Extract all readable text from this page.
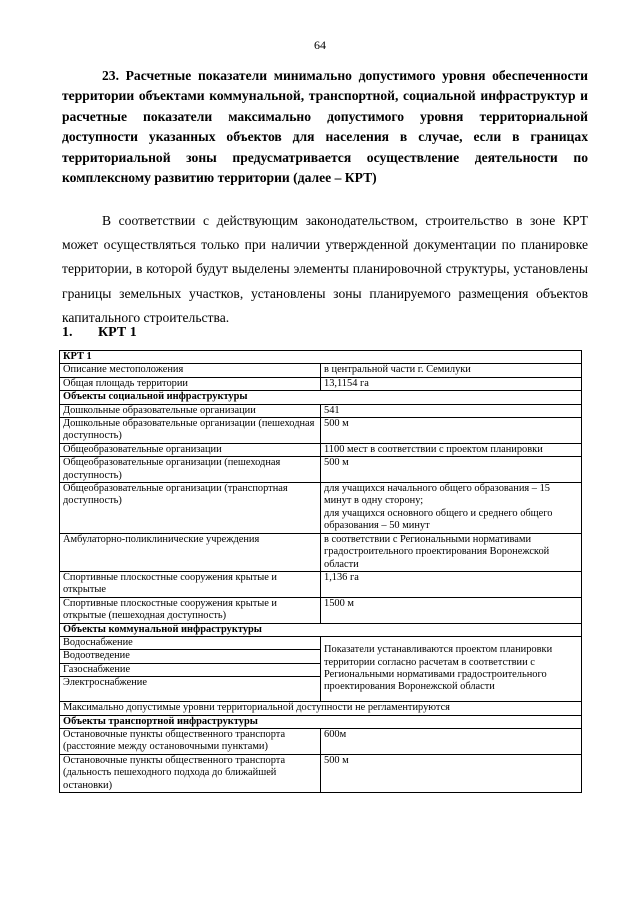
64
23. Расчетные показатели минимально допустимого уровня обеспеченности территории объектами коммунальной, транспортной, социальной инфраструктур и расчетные показатели максимально допустимого уровня территориальной доступности указанных объектов для населения в случае, если в границах территориальной зоны предусматривается осуществление деятельности по комплексному развитию территории (далее – КРТ)
В соответствии с действующим законодательством, строительство в зоне КРТ может осуществляться только при наличии утвержденной документации по планировке территории, в которой будут выделены элементы планировочной структуры, установлены границы земельных участков, установлены зоны планируемого размещения объектов капитального строительства.
1. КРТ 1
КРТ 1	
Описание местоположения	в центральной части г. Семилуки
Общая площадь территории	13,1154 га
Объекты социальной инфраструктуры	
Дошкольные образовательные организации	541
Дошкольные образовательные организации (пешеходная доступность)	500 м
Общеобразовательные организации	1100 мест в соответствии с проектом планировки
Общеобразовательные организации (пешеходная доступность)	500 м
Общеобразовательные организации (транспортная доступность)	для учащихся начального общего образования – 15 минут в одну сторону;
для учащихся основного общего и среднего общего образования – 50 минут
Амбулаторно-поликлинические учреждения	в соответствии с Региональными нормативами градостроительного проектирования Воронежской области
Спортивные плоскостные сооружения крытые и открытые	1,136 га
Спортивные плоскостные сооружения крытые и открытые (пешеходная доступность)	1500 м
Объекты коммунальной инфраструктуры	
Водоснабжение	Показатели устанавливаются проектом планировки территории согласно расчетам в соответствии с Региональными нормативами градостроительного проектирования Воронежской области
Водоотведение	
Газоснабжение	
Электроснабжение	
Максимально допустимые уровни территориальной доступности не регламентируются	
Объекты транспортной инфраструктуры	
Остановочные пункты общественного транспорта (расстояние между остановочными пунктами)	600м
Остановочные пункты общественного транспорта (дальность пешеходного подхода до ближайшей остановки)	500 м
